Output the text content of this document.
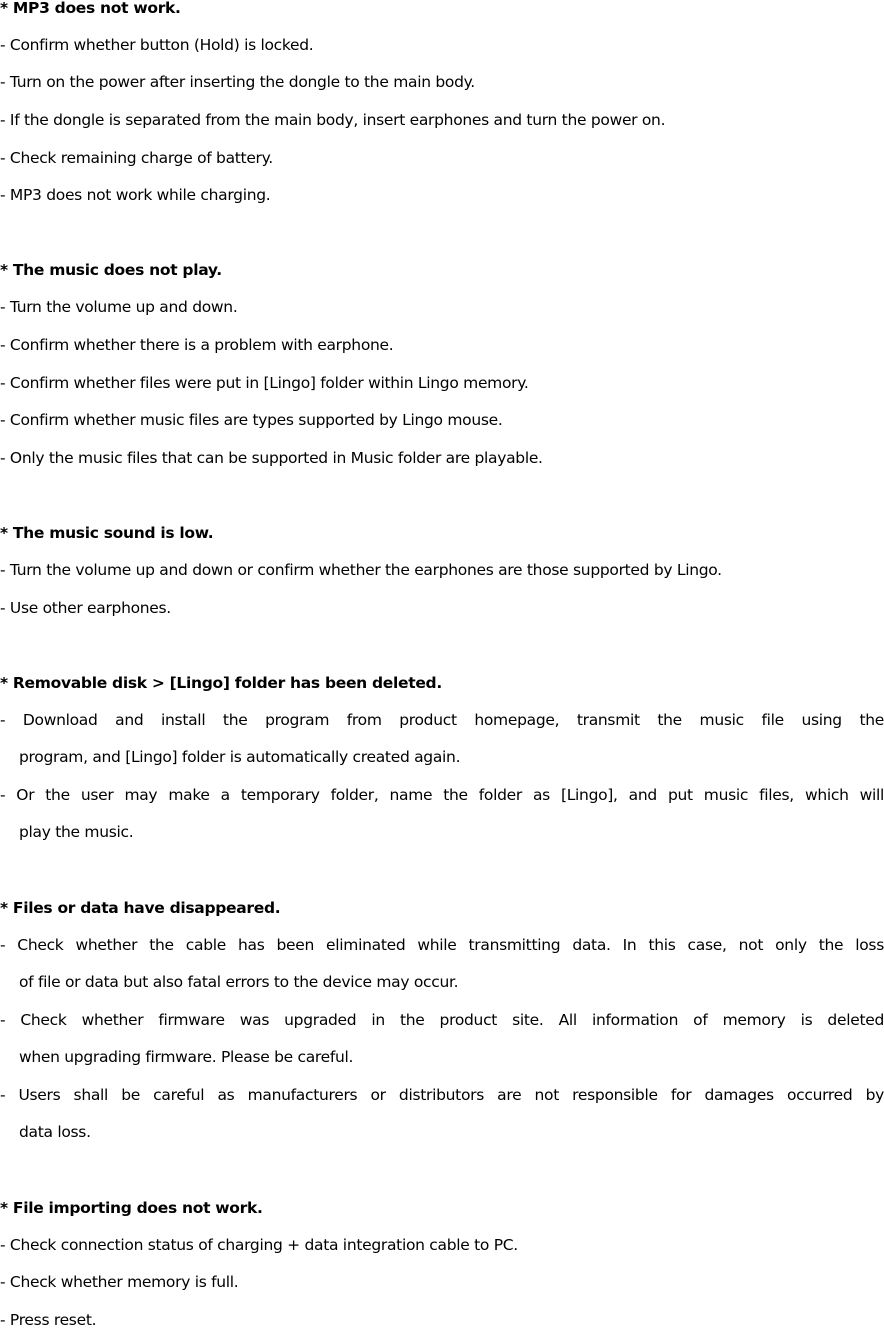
* MP3 does not work.
- Confirm whether button (Hold) is locked.
- Turn on the power after inserting the dongle to the main body.
- If the dongle is separated from the main body, insert earphones and turn the power on.
- Check remaining charge of battery.
- MP3 does not work while charging.
* The music does not play.
- Turn the volume up and down.
- Confirm whether there is a problem with earphone.
- Confirm whether files were put in [Lingo] folder within Lingo memory.
- Confirm whether music files are types supported by Lingo mouse.
- Only the music files that can be supported in Music folder are playable.
* The music sound is low.
- Turn the volume up and down or confirm whether the earphones are those supported by Lingo.
- Use other earphones.
* Removable disk > [Lingo] folder has been deleted.
- Download and install the program from product homepage, transmit the music file using the
program, and [Lingo] folder is automatically created again.
- Or the user may make a temporary folder, name the folder as [Lingo], and put music files, which will
play the music.
* Files or data have disappeared.
- Check whether the cable has been eliminated while transmitting data. In this case, not only the loss
of file or data but also fatal errors to the device may occur.
- Check whether firmware was upgraded in the product site. All information of memory is deleted
when upgrading firmware. Please be careful.
- Users shall be careful as manufacturers or distributors are not responsible for damages occurred by
data loss.
* File importing does not work.
- Check connection status of charging + data integration cable to PC.
- Check whether memory is full.
- Press reset.
